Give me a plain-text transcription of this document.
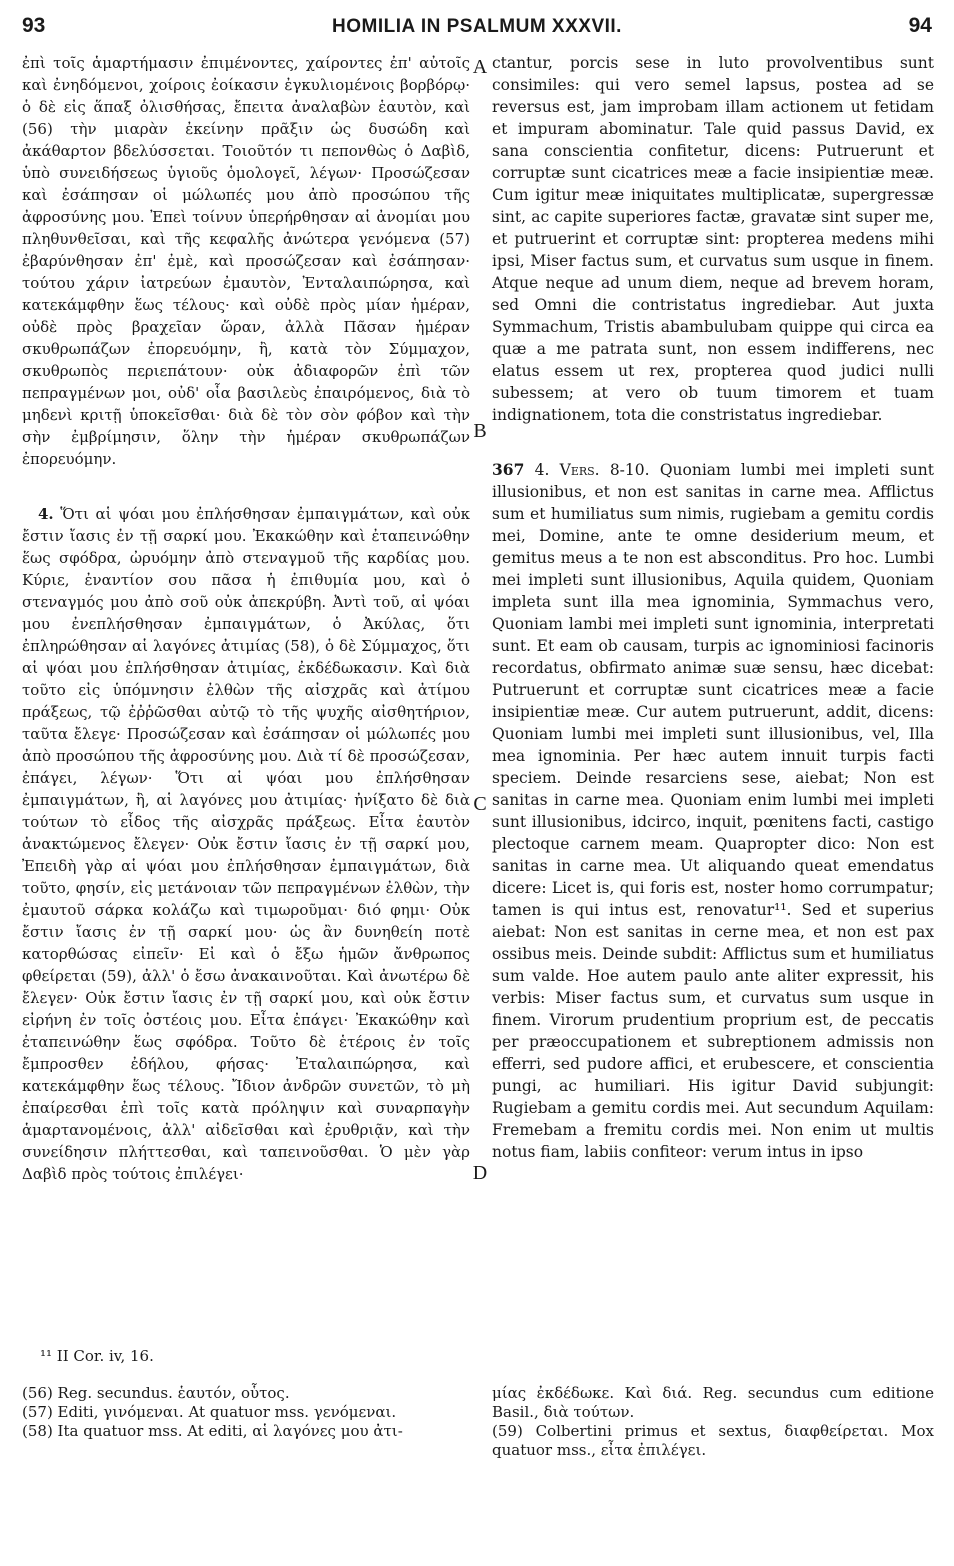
93	HOMILIA IN PSALMUM XXXVII.	94

ἐπὶ τοῖς ἁμαρτήμασιν ἐπιμένοντες, χαίροντες ἐπ' αὐτοῖς καὶ ἐνηδόμενοι, χοίροις ἐοίκασιν ἐγκυλιομένοις βορβόρῳ· ὁ δὲ εἰς ἅπαξ ὀλισθήσας, ἔπειτα ἀναλαβὼν ἑαυτὸν, καὶ (56) τὴν μιαρὰν ἐκείνην πρᾶξιν ὡς δυσώδη καὶ ἀκάθαρτον βδελύσσεται. Τοιοῦτόν τι πεπονθὼς ὁ Δαβὶδ, ὑπὸ συνειδήσεως ὑγιοῦς ὁμολογεῖ, λέγων· Προσώζεσαν καὶ ἐσάπησαν οἱ μώλωπές μου ἀπὸ προσώπου τῆς ἀφροσύνης μου. Ἐπεὶ τοίνυν ὑπερήρθησαν αἱ ἀνομίαι μου πληθυνθεῖσαι, καὶ τῆς κεφαλῆς ἀνώτερα γενόμενα (57) ἐβαρύνθησαν ἐπ' ἐμὲ, καὶ προσώζεσαν καὶ ἐσάπησαν· τούτου χάριν ἰατρεύων ἐμαυτὸν, Ἐνταλαιπώρησα, καὶ κατεκάμφθην ἕως τέλους· καὶ οὐδὲ πρὸς μίαν ἡμέραν, οὐδὲ πρὸς βραχεῖαν ὥραν, ἀλλὰ Πᾶσαν ἡμέραν σκυθρωπάζων ἐπορευόμην, ἢ, κατὰ τὸν Σύμμαχον, σκυθρωπὸς περιεπάτουν· οὐκ ἀδιαφορῶν ἐπὶ τῶν πεπραγμένων μοι, οὐδ' οἷα βασιλεὺς ἐπαιρόμενος, διὰ τὸ μηδενὶ κριτῇ ὑποκεῖσθαι· διὰ δὲ τὸν σὸν φόβον καὶ τὴν σὴν ἐμβρίμησιν, ὅλην τὴν ἡμέραν σκυθρωπάζων ἐπορευόμην.

4. Ὅτι αἱ ψόαι μου ἐπλήσθησαν ἐμπαιγμάτων, καὶ οὐκ ἔστιν ἴασις ἐν τῇ σαρκί μου. Ἐκακώθην καὶ ἐταπεινώθην ἕως σφόδρα, ὠρυόμην ἀπὸ στεναγμοῦ τῆς καρδίας μου. Κύριε, ἐναντίον σου πᾶσα ἡ ἐπιθυμία μου, καὶ ὁ στεναγμός μου ἀπὸ σοῦ οὐκ ἀπεκρύβη. Ἀντὶ τοῦ, αἱ ψόαι μου ἐνεπλήσθησαν ἐμπαιγμάτων, ὁ Ἀκύλας, ὅτι ἐπληρώθησαν αἱ λαγόνες ἀτιμίας (58), ὁ δὲ Σύμμαχος, ὅτι αἱ ψόαι μου ἐπλήσθησαν ἀτιμίας, ἐκδέδωκασιν. Καὶ διὰ τοῦτο εἰς ὑπόμνησιν ἐλθὼν τῆς αἰσχρᾶς καὶ ἀτίμου πράξεως, τῷ ἐῤῥῶσθαι αὐτῷ τὸ τῆς ψυχῆς αἰσθητήριον, ταῦτα ἔλεγε· Προσώζεσαν καὶ ἐσάπησαν οἱ μώλωπές μου ἀπὸ προσώπου τῆς ἀφροσύνης μου. Διὰ τί δὲ προσώζεσαν, ἐπάγει, λέγων· Ὅτι αἱ ψόαι μου ἐπλήσθησαν ἐμπαιγμάτων, ἢ, αἱ λαγόνες μου ἀτιμίας· ἠνίξατο δὲ διὰ τούτων τὸ εἶδος τῆς αἰσχρᾶς πράξεως. Εἶτα ἑαυτὸν ἀνακτώμενος ἔλεγεν· Οὐκ ἔστιν ἴασις ἐν τῇ σαρκί μου, Ἐπειδὴ γὰρ αἱ ψόαι μου ἐπλήσθησαν ἐμπαιγμάτων, διὰ τοῦτο, φησίν, εἰς μετάνοιαν τῶν πεπραγμένων ἐλθὼν, τὴν ἐμαυτοῦ σάρκα κολάζω καὶ τιμωροῦμαι· διό φημι· Οὐκ ἔστιν ἴασις ἐν τῇ σαρκί μου· ὡς ἂν δυνηθείη ποτὲ κατορθώσας εἰπεῖν· Εἰ καὶ ὁ ἔξω ἡμῶν ἄνθρωπος φθείρεται (59), ἀλλ' ὁ ἔσω ἀνακαινοῦται. Καὶ ἀνωτέρω δὲ ἔλεγεν· Οὐκ ἔστιν ἴασις ἐν τῇ σαρκί μου, καὶ οὐκ ἔστιν εἰρήνη ἐν τοῖς ὀστέοις μου. Εἶτα ἐπάγει· Ἐκακώθην καὶ ἐταπεινώθην ἕως σφόδρα. Τοῦτο δὲ ἑτέροις ἐν τοῖς ἔμπροσθεν ἐδήλου, φήσας· Ἐταλαιπώρησα, καὶ κατεκάμφθην ἕως τέλους. Ἴδιον ἀνδρῶν συνετῶν, τὸ μὴ ἐπαίρεσθαι ἐπὶ τοῖς κατὰ πρόληψιν καὶ συναρπαγὴν ἁμαρτανομένοις, ἀλλ' αἰδεῖσθαι καὶ ἐρυθριᾷν, καὶ τὴν συνείδησιν πλήττεσθαι, καὶ ταπεινοῦσθαι. Ὁ μὲν γὰρ Δαβὶδ πρὸς τούτοις ἐπιλέγει·

A
B
C
D

ctantur, porcis sese in luto provolventibus sunt consimiles: qui vero semel lapsus, postea ad se reversus est, jam improbam illam actionem ut fetidam et impuram abominatur. Tale quid passus David, ex sana conscientia confitetur, dicens: Putruerunt et corruptæ sunt cicatrices meæ a facie insipientiæ meæ. Cum igitur meæ iniquitates multiplicatæ, supergressæ sint, ac capite superiores factæ, gravatæ sint super me, et putruerint et corruptæ sint: propterea medens mihi ipsi, Miser factus sum, et curvatus sum usque in finem. Atque neque ad unum diem, neque ad brevem horam, sed Omni die contristatus ingrediebar. Aut juxta Symmachum, Tristis abambulubam quippe qui circa ea quæ a me patrata sunt, non essem indifferens, nec elatus essem ut rex, propterea quod judici nulli subessem; at vero ob tuum timorem et tuam indignationem, tota die constristatus ingrediebar.

367 4. Vers. 8-10. Quoniam lumbi mei impleti sunt illusionibus, et non est sanitas in carne mea. Afflictus sum et humiliatus sum nimis, rugiebam a gemitu cordis mei, Domine, ante te omne desiderium meum, et gemitus meus a te non est absconditus. Pro hoc. Lumbi mei impleti sunt illusionibus, Aquila quidem, Quoniam impleta sunt illa mea ignominia, Symmachus vero, Quoniam lambi mei impleti sunt ignominia, interpretati sunt. Et eam ob causam, turpis ac ignominiosi facinoris recordatus, obfirmato animæ suæ sensu, hæc dicebat: Putruerunt et corruptæ sunt cicatrices meæ a facie insipientiæ meæ. Cur autem putruerunt, addit, dicens: Quoniam lumbi mei impleti sunt illusionibus, vel, Illa mea ignominia. Per hæc autem innuit turpis facti speciem. Deinde resarciens sese, aiebat; Non est sanitas in carne mea. Quoniam enim lumbi mei impleti sunt illusionibus, idcirco, inquit, pœnitens facti, castigo plectoque carnem meam. Quapropter dico: Non est sanitas in carne mea. Ut aliquando queat emendatus dicere: Licet is, qui foris est, noster homo corrumpatur; tamen is qui intus est, renovatur¹¹. Sed et superius aiebat: Non est sanitas in cerne mea, et non est pax ossibus meis. Deinde subdit: Afflictus sum et humiliatus sum valde. Hoe autem paulo ante aliter expressit, his verbis: Miser factus sum, et curvatus sum usque in finem. Virorum prudentium proprium est, de peccatis per præoccupationem et subreptionem admissis non efferri, sed pudore affici, et erubescere, et conscientia pungi, ac humiliari. His igitur David subjungit: Rugiebam a gemitu cordis mei. Aut secundum Aquilam: Fremebam a fremitu cordis mei. Non enim ut multis notus fiam, labiis confiteor: verum intus in ipso

¹¹ II Cor. iv, 16.

(56) Reg. secundus. ἑαυτόν, οὗτος.

(57) Editi, γινόμεναι. At quatuor mss. γενόμεναι.

(58) Ita quatuor mss. At editi, αἱ λαγόνες μου ἀτι-

μίας ἐκδέδωκε. Καὶ διά. Reg. secundus cum editione Basil., διὰ τούτων.

(59) Colbertini primus et sextus, διαφθείρεται. Mox quatuor mss., εἶτα ἐπιλέγει.
